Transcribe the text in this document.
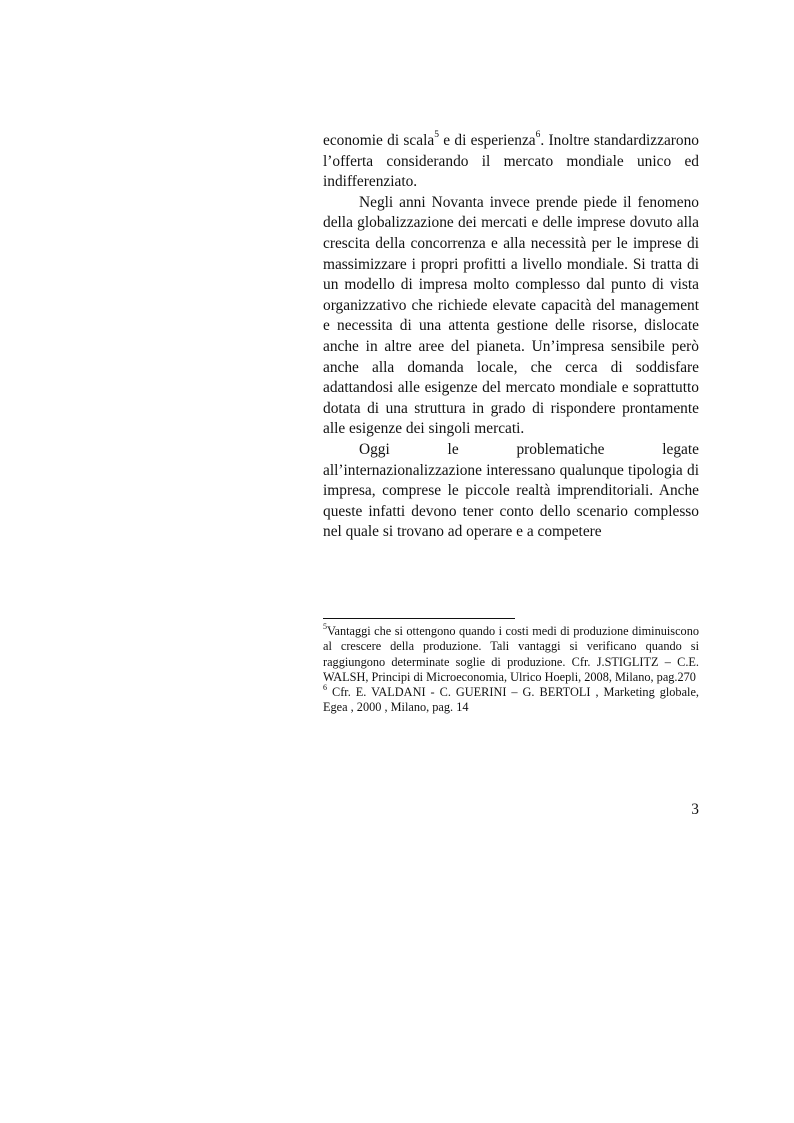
economie di scala$^5$ e di esperienza$^6$. Inoltre standardizzarono l’offerta considerando il mercato mondiale unico ed indifferenziato.

Negli anni Novanta invece prende piede il fenomeno della globalizzazione dei mercati e delle imprese dovuto alla crescita della concorrenza e alla necessità per le imprese di massimizzare i propri profitti a livello mondiale. Si tratta di un modello di impresa molto complesso dal punto di vista organizzativo che richiede elevate capacità del management e necessita di una attenta gestione delle risorse, dislocate anche in altre aree del pianeta. Un’impresa sensibile però anche alla domanda locale, che cerca di soddisfare adattandosi alle esigenze del mercato mondiale e soprattutto dotata di una struttura in grado di rispondere prontamente alle esigenze dei singoli mercati.

Oggi le problematiche legate all’internazionalizzazione interessano qualunque tipologia di impresa, comprese le piccole realtà imprenditoriali. Anche queste infatti devono tener conto dello scenario complesso nel quale si trovano ad operare e a competere

$^5$Vantaggi che si ottengono quando i costi medi di produzione diminuiscono al crescere della produzione. Tali vantaggi si verificano quando si raggiungono determinate soglie di produzione. Cfr. J.STIGLITZ – C.E. WALSH, Principi di Microeconomia, Ulrico Hoepli, 2008, Milano, pag.270

$^6$ Cfr. E. VALDANI - C. GUERINI – G. BERTOLI , Marketing globale, Egea , 2000 , Milano, pag. 14

3
